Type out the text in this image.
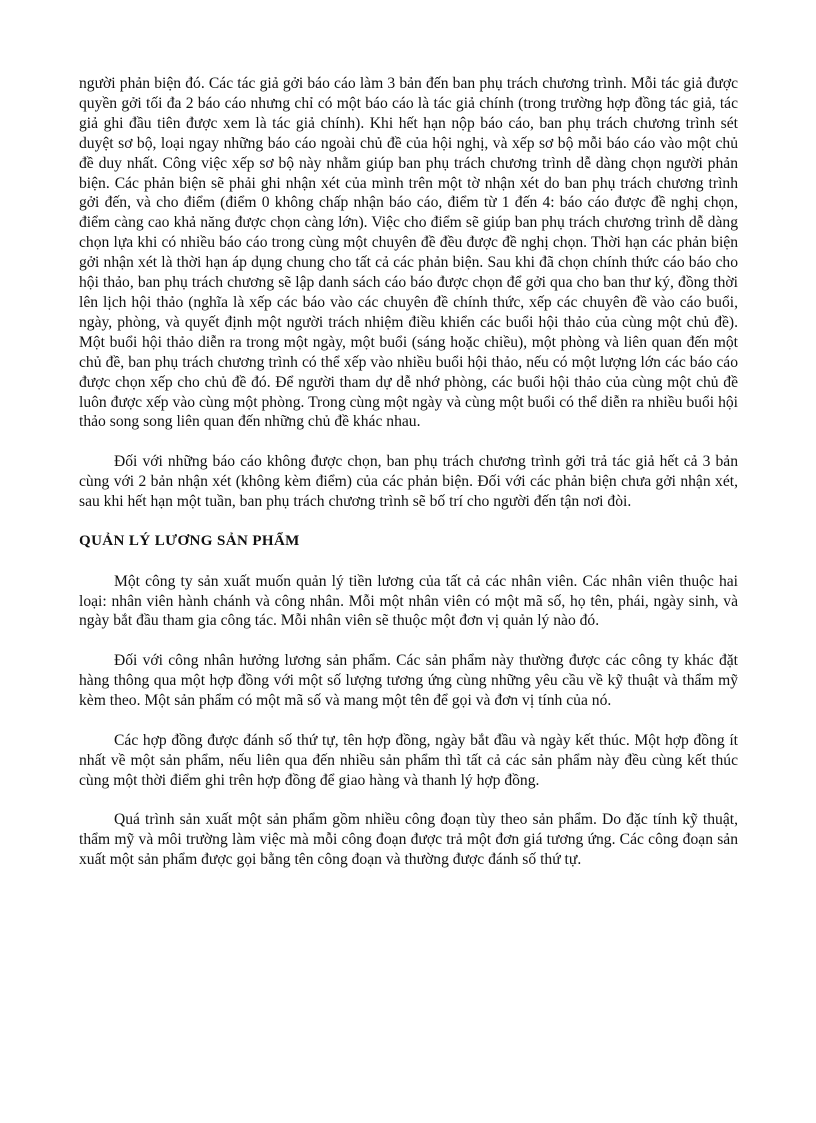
người phản biện đó. Các tác giả gởi báo cáo làm 3 bản đến ban phụ trách chương trình. Mỗi tác giả được quyền gởi tối đa 2 báo cáo nhưng chỉ có một báo cáo là tác giả chính (trong trường hợp đồng tác giả, tác giả ghi đầu tiên được xem là tác giả chính). Khi hết hạn nộp báo cáo, ban phụ trách chương trình sét duyệt sơ bộ, loại ngay những báo cáo ngoài chủ đề của hội nghị, và xếp sơ bộ mỗi báo cáo vào một chủ đề duy nhất. Công việc xếp sơ bộ này nhằm giúp ban phụ trách chương trình dễ dàng chọn người phản biện. Các phản biện sẽ phải ghi nhận xét của mình trên một tờ nhận xét do ban phụ trách chương trình gởi đến, và cho điểm (điểm 0 không chấp nhận báo cáo, điểm từ 1 đến 4: báo cáo được đề nghị chọn, điểm càng cao khả năng được chọn càng lớn). Việc cho điểm sẽ giúp ban phụ trách chương trình dễ dàng chọn lựa khi có nhiều báo cáo trong cùng một chuyên đề đều được đề nghị chọn. Thời hạn các phản biện gởi nhận xét là thời hạn áp dụng chung cho tất cả các phản biện. Sau khi đã chọn chính thức cáo báo cho hội thảo, ban phụ trách chương sẽ lập danh sách cáo báo được chọn để gởi qua cho ban thư ký, đồng thời lên lịch hội thảo (nghĩa là xếp các báo vào các chuyên đề chính thức, xếp các chuyên đề vào cáo buổi, ngày, phòng, và quyết định một người trách nhiệm điều khiển các buổi hội thảo của cùng một chủ đề). Một buổi hội thảo diễn ra trong một ngày, một buổi (sáng hoặc chiều), một phòng và liên quan đến một chủ đề, ban phụ trách chương trình có thể xếp vào nhiều buổi hội thảo, nếu có một lượng lớn các báo cáo được chọn xếp cho chủ đề đó. Để người tham dự dễ nhớ phòng, các buổi hội thảo của cùng một chủ đề luôn được xếp vào cùng một phòng. Trong cùng một ngày và cùng một buổi có thể diễn ra nhiều buổi hội thảo song song liên quan đến những chủ đề khác nhau.

Đối với những báo cáo không được chọn, ban phụ trách chương trình gởi trả tác giả hết cả 3 bản cùng với 2 bản nhận xét (không kèm điểm) của các phản biện. Đối với các phản biện chưa gởi nhận xét, sau khi hết hạn một tuần, ban phụ trách chương trình sẽ bố trí cho người đến tận nơi đòi.

QUẢN LÝ LƯƠNG SẢN PHẨM

Một công ty sản xuất muốn quản lý tiền lương của tất cả các nhân viên. Các nhân viên thuộc hai loại: nhân viên hành chánh và công nhân. Mỗi một nhân viên có một mã số, họ tên, phái, ngày sinh, và ngày bắt đầu tham gia công tác. Mỗi nhân viên sẽ thuộc một đơn vị quản lý nào đó.

Đối với công nhân hưởng lương sản phẩm. Các sản phẩm này thường được các công ty khác đặt hàng thông qua một hợp đồng với một số lượng tương ứng cùng những yêu cầu về kỹ thuật và thẩm mỹ kèm theo. Một sản phẩm có một mã số và mang một tên để gọi và đơn vị tính của nó.

Các hợp đồng được đánh số thứ tự, tên hợp đồng, ngày bắt đầu và ngày kết thúc. Một hợp đồng ít nhất về một sản phẩm, nếu liên qua đến nhiều sản phẩm thì tất cả các sản phẩm này đều cùng kết thúc cùng một thời điểm ghi trên hợp đồng để giao hàng và thanh lý hợp đồng.

Quá trình sản xuất một sản phẩm gồm nhiều công đoạn tùy theo sản phẩm. Do đặc tính kỹ thuật, thẩm mỹ và môi trường làm việc mà mỗi công đoạn được trả một đơn giá tương ứng. Các công đoạn sản xuất một sản phẩm được gọi bằng tên công đoạn và thường được đánh số thứ tự.
